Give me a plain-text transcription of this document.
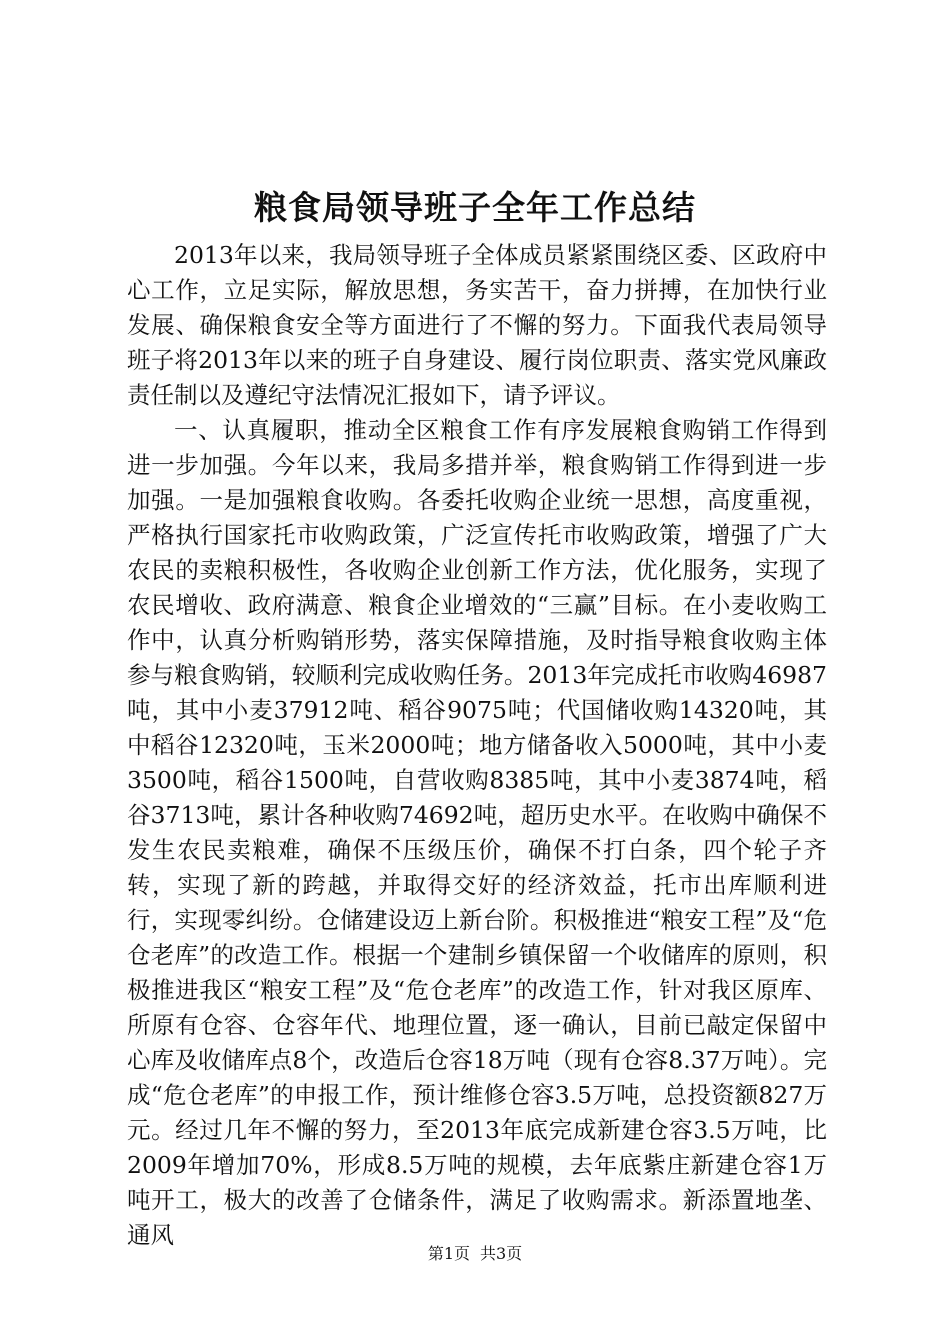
粮食局领导班子全年工作总结

2013年以来，我局领导班子全体成员紧紧围绕区委、区政府中心工作，立足实际，解放思想，务实苦干，奋力拼搏，在加快行业发展、确保粮食安全等方面进行了不懈的努力。下面我代表局领导班子将2013年以来的班子自身建设、履行岗位职责、落实党风廉政责任制以及遵纪守法情况汇报如下，请予评议。

一、认真履职，推动全区粮食工作有序发展粮食购销工作得到进一步加强。今年以来，我局多措并举，粮食购销工作得到进一步加强。一是加强粮食收购。各委托收购企业统一思想，高度重视，严格执行国家托市收购政策，广泛宣传托市收购政策，增强了广大农民的卖粮积极性，各收购企业创新工作方法，优化服务，实现了农民增收、政府满意、粮食企业增效的“三赢”目标。在小麦收购工作中，认真分析购销形势，落实保障措施，及时指导粮食收购主体参与粮食购销，较顺利完成收购任务。2013年完成托市收购46987吨，其中小麦37912吨、稻谷9075吨；代国储收购14320吨，其中稻谷12320吨，玉米2000吨；地方储备收入5000吨，其中小麦3500吨，稻谷1500吨，自营收购8385吨，其中小麦3874吨，稻谷3713吨，累计各种收购74692吨，超历史水平。在收购中确保不发生农民卖粮难，确保不压级压价，确保不打白条，四个轮子齐转，实现了新的跨越，并取得交好的经济效益，托市出库顺利进行，实现零纠纷。仓储建设迈上新台阶。积极推进“粮安工程”及“危仓老库”的改造工作。根据一个建制乡镇保留一个收储库的原则，积极推进我区“粮安工程”及“危仓老库”的改造工作，针对我区原库、所原有仓容、仓容年代、地理位置，逐一确认，目前已敲定保留中心库及收储库点8个，改造后仓容18万吨（现有仓容8.37万吨）。完成“危仓老库”的申报工作，预计维修仓容3.5万吨，总投资额827万元。经过几年不懈的努力，至2013年底完成新建仓容3.5万吨，比2009年增加70%，形成8.5万吨的规模，去年底紫庄新建仓容1万吨开工，极大的改善了仓储条件，满足了收购需求。新添置地垄、通风

第1页 共3页
